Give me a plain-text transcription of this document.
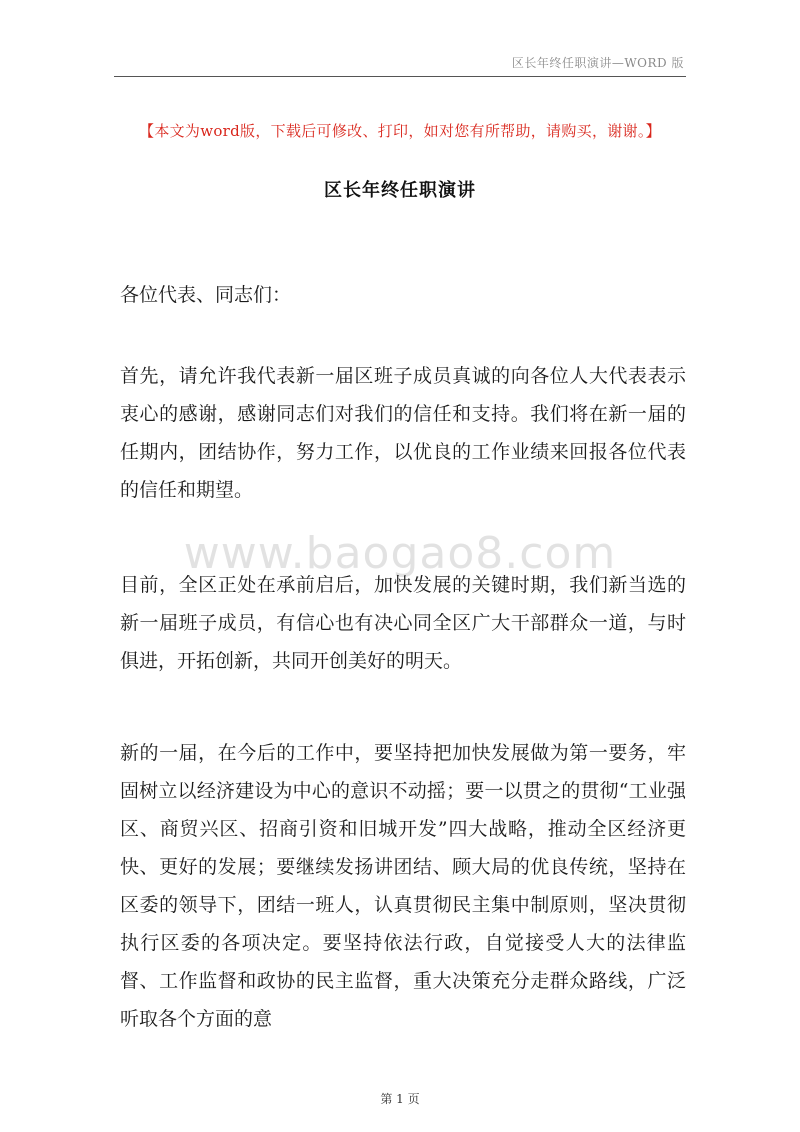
区长年终任职演讲—WORD 版
【本文为word版，下载后可修改、打印，如对您有所帮助，请购买，谢谢。】
区长年终任职演讲
各位代表、同志们：
首先，请允许我代表新一届区班子成员真诚的向各位人大代表表示衷心的感谢，感谢同志们对我们的信任和支持。我们将在新一届的任期内，团结协作，努力工作，以优良的工作业绩来回报各位代表的信任和期望。
www.baogao8.com
目前，全区正处在承前启后，加快发展的关键时期，我们新当选的新一届班子成员，有信心也有决心同全区广大干部群众一道，与时俱进，开拓创新，共同开创美好的明天。
新的一届，在今后的工作中，要坚持把加快发展做为第一要务，牢固树立以经济建设为中心的意识不动摇；要一以贯之的贯彻“工业强区、商贸兴区、招商引资和旧城开发”四大战略，推动全区经济更快、更好的发展；要继续发扬讲团结、顾大局的优良传统，坚持在区委的领导下，团结一班人，认真贯彻民主集中制原则，坚决贯彻执行区委的各项决定。要坚持依法行政，自觉接受人大的法律监督、工作监督和政协的民主监督，重大决策充分走群众路线，广泛听取各个方面的意
第 1 页
